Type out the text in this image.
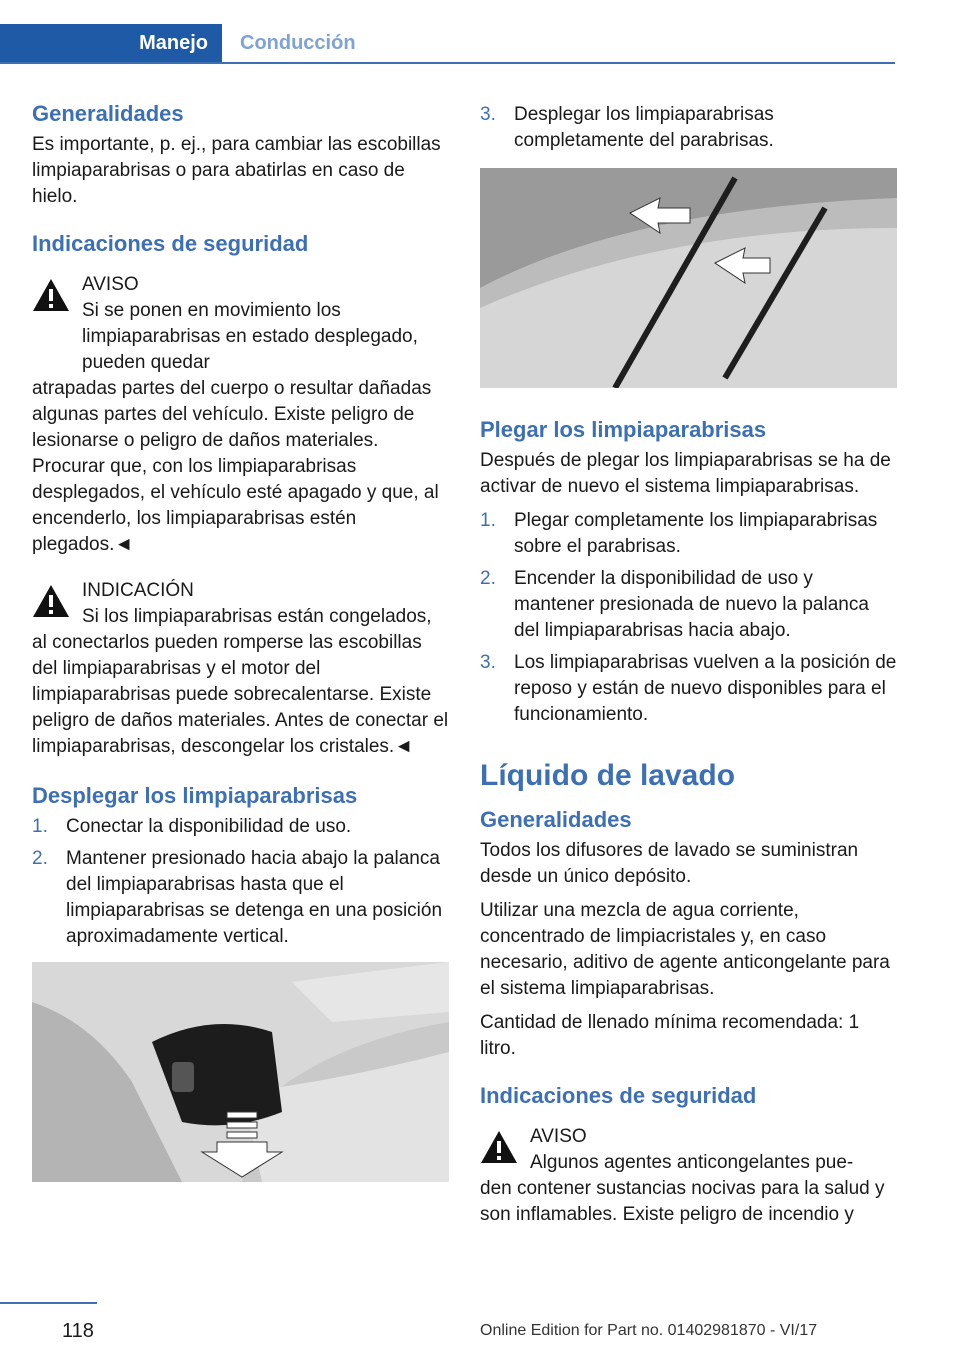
Manejo	Conducción
Generalidades

Es importante, p. ej., para cambiar las escobillas limpiaparabrisas o para abatirlas en caso de hielo.

Indicaciones de seguridad
AVISO
Si se ponen en movimiento los limpiaparabrisas en estado desplegado, pueden quedar
atrapadas partes del cuerpo o resultar dañadas algunas partes del vehículo. Existe peligro de lesionarse o peligro de daños materiales. Procurar que, con los limpiaparabrisas desplegados, el vehículo esté apagado y que, al encenderlo, los limpiaparabrisas estén plegados.◄
INDICACIÓN
Si los limpiaparabrisas están congelados,
al conectarlos pueden romperse las escobillas del limpiaparabrisas y el motor del limpiaparabrisas puede sobrecalentarse. Existe peligro de daños materiales. Antes de conectar el limpiaparabrisas, descongelar los cristales.◄
Desplegar los limpiaparabrisas
1. Conectar la disponibilidad de uso.
2. Mantener presionado hacia abajo la palanca del limpiaparabrisas hasta que el limpiaparabrisas se detenga en una posición aproximadamente vertical.
3. Desplegar los limpiaparabrisas completamente del parabrisas.
Plegar los limpiaparabrisas

Después de plegar los limpiaparabrisas se ha de activar de nuevo el sistema limpiaparabrisas.

1. Plegar completamente los limpiaparabrisas sobre el parabrisas.
2. Encender la disponibilidad de uso y mantener presionada de nuevo la palanca del limpiaparabrisas hacia abajo.
3. Los limpiaparabrisas vuelven a la posición de reposo y están de nuevo disponibles para el funcionamiento.
Líquido de lavado
Generalidades

Todos los difusores de lavado se suministran desde un único depósito.

Utilizar una mezcla de agua corriente, concentrado de limpiacristales y, en caso necesario, aditivo de agente anticongelante para el sistema limpiaparabrisas.

Cantidad de llenado mínima recomendada: 1 litro.

Indicaciones de seguridad
AVISO
Algunos agentes anticongelantes pue-
den contener sustancias nocivas para la salud y son inflamables. Existe peligro de incendio y
118	Online Edition for Part no. 01402981870 - VI/17
